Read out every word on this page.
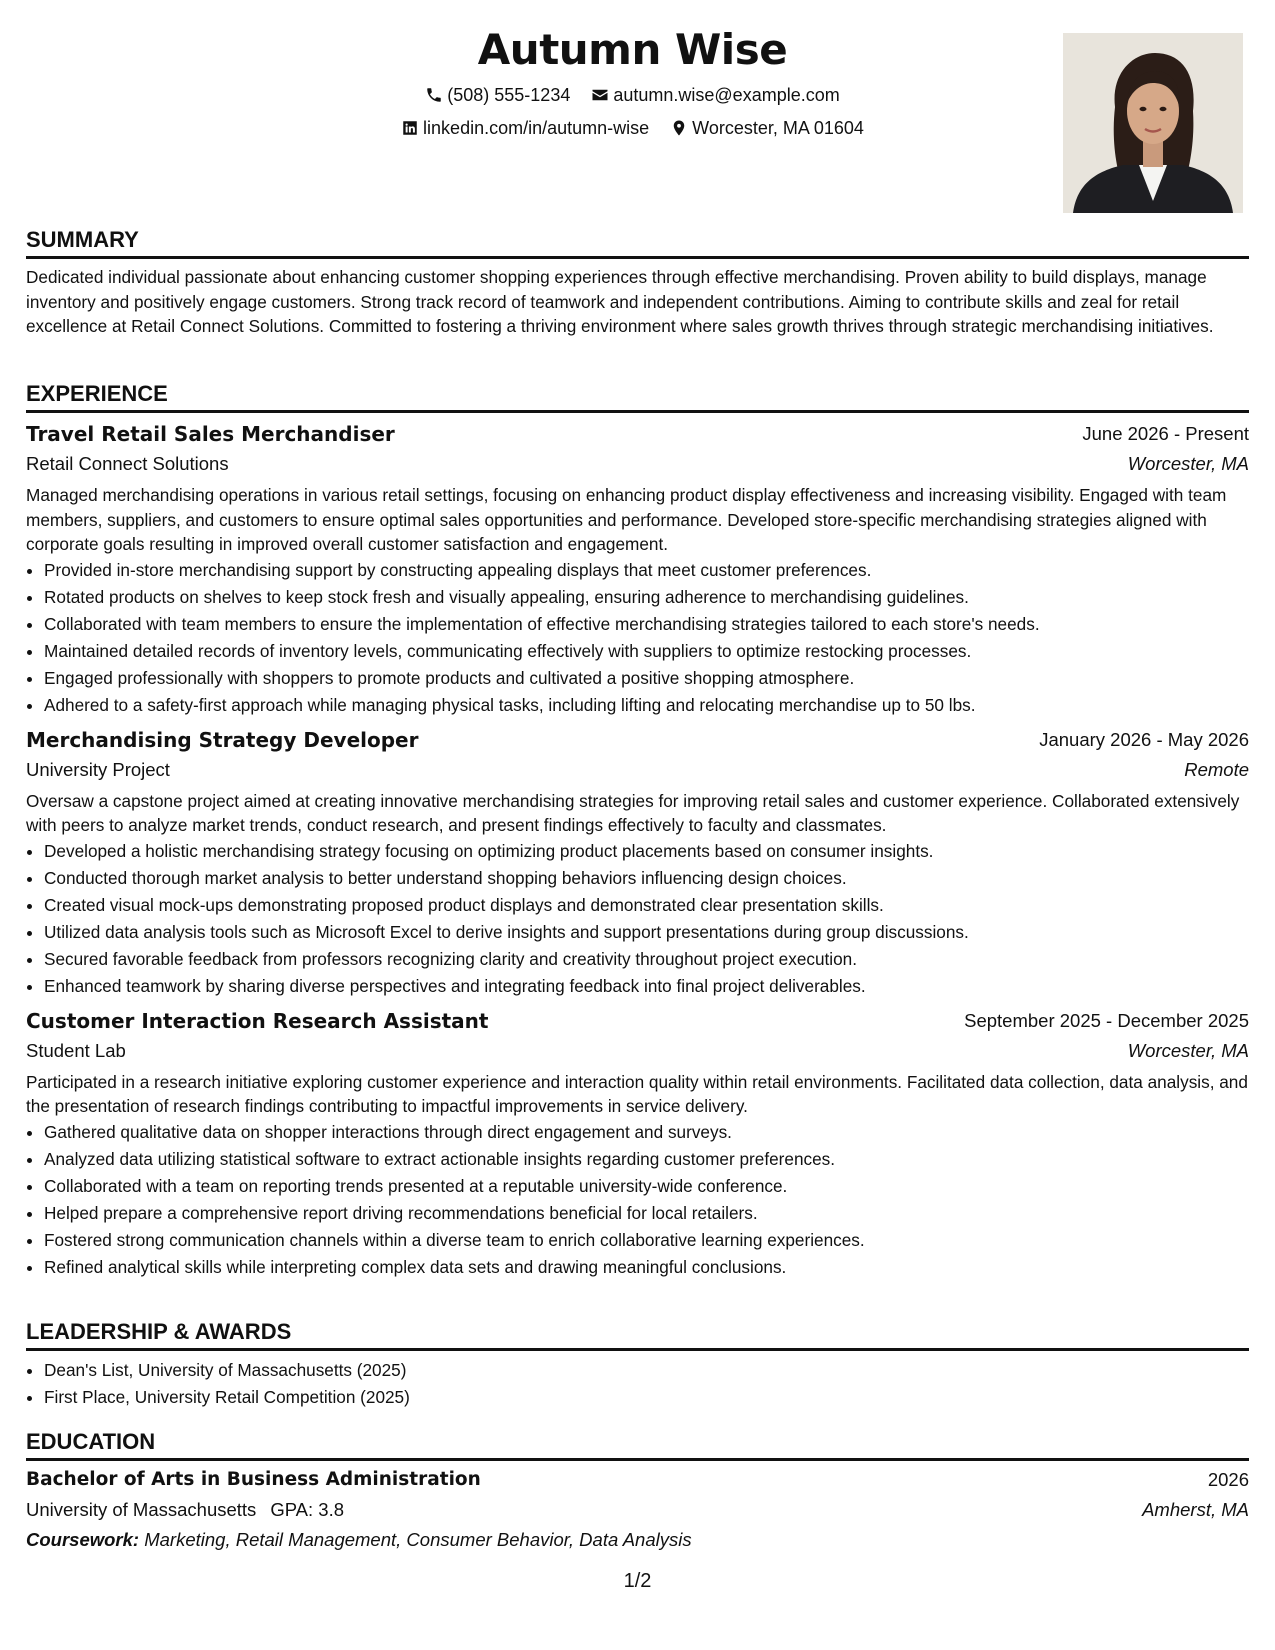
Autumn Wise
(508) 555-1234
autumn.wise@example.com
linkedin.com/in/autumn-wise
Worcester, MA 01604
SUMMARY

Dedicated individual passionate about enhancing customer shopping experiences through effective merchandising. Proven ability to build displays, manage inventory and positively engage customers. Strong track record of teamwork and independent contributions. Aiming to contribute skills and zeal for retail excellence at Retail Connect Solutions. Committed to fostering a thriving environment where sales growth thrives through strategic merchandising initiatives.

EXPERIENCE
Travel Retail Sales Merchandiser	June 2026 - Present
Retail Connect Solutions	Worcester, MA

Managed merchandising operations in various retail settings, focusing on enhancing product display effectiveness and increasing visibility. Engaged with team members, suppliers, and customers to ensure optimal sales opportunities and performance. Developed store-specific merchandising strategies aligned with corporate goals resulting in improved overall customer satisfaction and engagement.

• Provided in-store merchandising support by constructing appealing displays that meet customer preferences.
• Rotated products on shelves to keep stock fresh and visually appealing, ensuring adherence to merchandising guidelines.
• Collaborated with team members to ensure the implementation of effective merchandising strategies tailored to each store's needs.
• Maintained detailed records of inventory levels, communicating effectively with suppliers to optimize restocking processes.
• Engaged professionally with shoppers to promote products and cultivated a positive shopping atmosphere.
• Adhered to a safety-first approach while managing physical tasks, including lifting and relocating merchandise up to 50 lbs.
Merchandising Strategy Developer	January 2026 - May 2026
University Project	Remote

Oversaw a capstone project aimed at creating innovative merchandising strategies for improving retail sales and customer experience. Collaborated extensively with peers to analyze market trends, conduct research, and present findings effectively to faculty and classmates.

• Developed a holistic merchandising strategy focusing on optimizing product placements based on consumer insights.
• Conducted thorough market analysis to better understand shopping behaviors influencing design choices.
• Created visual mock-ups demonstrating proposed product displays and demonstrated clear presentation skills.
• Utilized data analysis tools such as Microsoft Excel to derive insights and support presentations during group discussions.
• Secured favorable feedback from professors recognizing clarity and creativity throughout project execution.
• Enhanced teamwork by sharing diverse perspectives and integrating feedback into final project deliverables.
Customer Interaction Research Assistant	September 2025 - December 2025
Student Lab	Worcester, MA

Participated in a research initiative exploring customer experience and interaction quality within retail environments. Facilitated data collection, data analysis, and the presentation of research findings contributing to impactful improvements in service delivery.

• Gathered qualitative data on shopper interactions through direct engagement and surveys.
• Analyzed data utilizing statistical software to extract actionable insights regarding customer preferences.
• Collaborated with a team on reporting trends presented at a reputable university-wide conference.
• Helped prepare a comprehensive report driving recommendations beneficial for local retailers.
• Fostered strong communication channels within a diverse team to enrich collaborative learning experiences.
• Refined analytical skills while interpreting complex data sets and drawing meaningful conclusions.
LEADERSHIP & AWARDS
• Dean's List, University of Massachusetts (2025)
• First Place, University Retail Competition (2025)
EDUCATION
Bachelor of Arts in Business Administration	2026
University of Massachusetts GPA: 3.8	Amherst, MA
Coursework: Marketing, Retail Management, Consumer Behavior, Data Analysis
1/2
